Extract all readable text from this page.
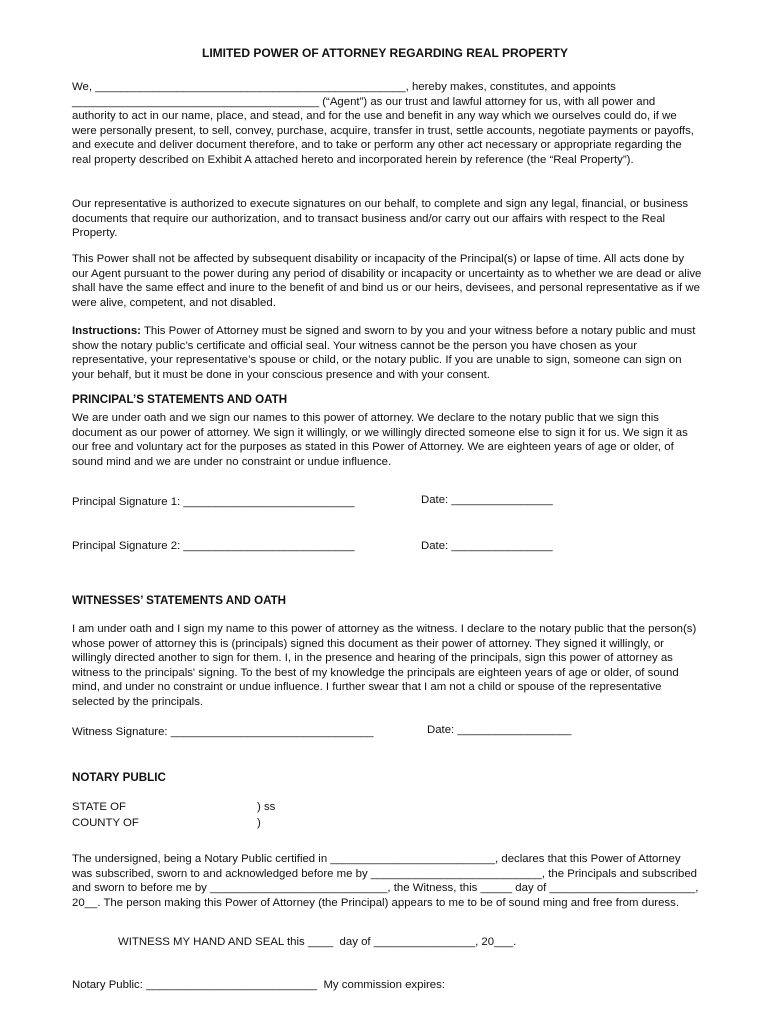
LIMITED POWER OF ATTORNEY REGARDING REAL PROPERTY

We, _________________________________________________, hereby makes, constitutes, and appoints _______________________________________ (“Agent”) as our trust and lawful attorney for us, with all power and authority to act in our name, place, and stead, and for the use and benefit in any way which we ourselves could do, if we were personally present, to sell, convey, purchase, acquire, transfer in trust, settle accounts, negotiate payments or payoffs, and execute and deliver document therefore, and to take or perform any other act necessary or appropriate regarding the real property described on Exhibit A attached hereto and incorporated herein by reference (the “Real Property”).

Our representative is authorized to execute signatures on our behalf, to complete and sign any legal, financial, or business documents that require our authorization, and to transact business and/or carry out our affairs with respect to the Real Property.

This Power shall not be affected by subsequent disability or incapacity of the Principal(s) or lapse of time. All acts done by our Agent pursuant to the power during any period of disability or incapacity or uncertainty as to whether we are dead or alive shall have the same effect and inure to the benefit of and bind us or our heirs, devisees, and personal representative as if we were alive, competent, and not disabled.

Instructions: This Power of Attorney must be signed and sworn to by you and your witness before a notary public and must show the notary public’s certificate and official seal. Your witness cannot be the person you have chosen as your representative, your representative’s spouse or child, or the notary public. If you are unable to sign, someone can sign on your behalf, but it must be done in your conscious presence and with your consent.

PRINCIPAL’S STATEMENTS AND OATH

We are under oath and we sign our names to this power of attorney. We declare to the notary public that we sign this document as our power of attorney. We sign it willingly, or we willingly directed someone else to sign it for us. We sign it as our free and voluntary act for the purposes as stated in this Power of Attorney. We are eighteen years of age or older, of sound mind and we are under no constraint or undue influence.

Principal Signature 1: ___________________________	Date: ________________
Principal Signature 2: ___________________________	Date: ________________
WITNESSES’ STATEMENTS AND OATH

I am under oath and I sign my name to this power of attorney as the witness. I declare to the notary public that the person(s) whose power of attorney this is (principals) signed this document as their power of attorney. They signed it willingly, or willingly directed another to sign for them. I, in the presence and hearing of the principals, sign this power of attorney as witness to the principals' signing. To the best of my knowledge the principals are eighteen years of age or older, of sound mind, and under no constraint or undue influence. I further swear that I am not a child or spouse of the representative selected by the principals.

Witness Signature: ________________________________	Date: __________________
NOTARY PUBLIC
STATE OF	) ss
COUNTY OF	)

The undersigned, being a Notary Public certified in __________________________, declares that this Power of Attorney was subscribed, sworn to and acknowledged before me by ___________________________, the Principals and subscribed and sworn to before me by ____________________________, the Witness, this _____ day of _______________________, 20__. The person making this Power of Attorney (the Principal) appears to me to be of sound ming and free from duress.

WITNESS MY HAND AND SEAL this ____  day of ________________, 20___.
Notary Public: ___________________________  My commission expires:
